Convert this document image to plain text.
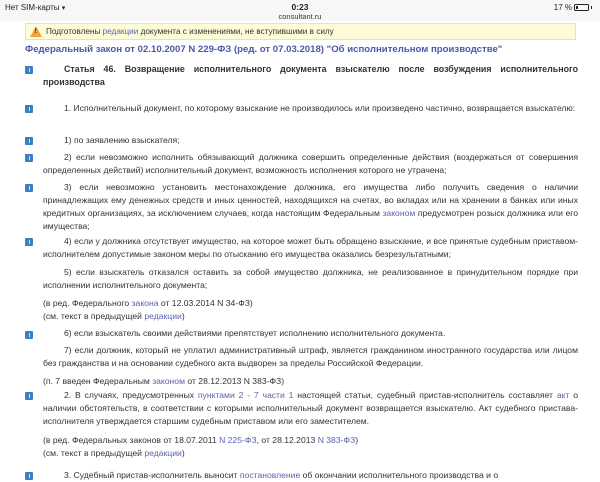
Нет SIM-карты ▾	0:23
consultant.ru
17 %
! Подготовлены редакции документа с изменениями, не вступившими в силу
Федеральный закон от 02.10.2007 N 229-ФЗ (ред. от 07.03.2018) "Об исполнительном производстве"
Статья 46. Возвращение исполнительного документа взыскателю после возбуждения исполнительного производства
1. Исполнительный документ, по которому взыскание не производилось или произведено частично, возвращается взыскателю:
1) по заявлению взыскателя;
2) если невозможно исполнить обязывающий должника совершить определенные действия (воздержаться от совершения определенных действий) исполнительный документ, возможность исполнения которого не утрачена;
3) если невозможно установить местонахождение должника, его имущества либо получить сведения о наличии принадлежащих ему денежных средств и иных ценностей, находящихся на счетах, во вкладах или на хранении в банках или иных кредитных организациях, за исключением случаев, когда настоящим Федеральным законом предусмотрен розыск должника или его имущества;
4) если у должника отсутствует имущество, на которое может быть обращено взыскание, и все принятые судебным приставом-исполнителем допустимые законом меры по отысканию его имущества оказались безрезультатными;
5) если взыскатель отказался оставить за собой имущество должника, не реализованное в принудительном порядке при исполнении исполнительного документа;
(в ред. Федерального закона от 12.03.2014 N 34-ФЗ)
(см. текст в предыдущей редакции)
6) если взыскатель своими действиями препятствует исполнению исполнительного документа.
7) если должник, который не уплатил административный штраф, является гражданином иностранного государства или лицом без гражданства и на основании судебного акта выдворен за пределы Российской Федерации.
(п. 7 введен Федеральным законом от 28.12.2013 N 383-ФЗ)
2. В случаях, предусмотренных пунктами 2 - 7 части 1 настоящей статьи, судебный пристав-исполнитель составляет акт о наличии обстоятельств, в соответствии с которыми исполнительный документ возвращается взыскателю. Акт судебного пристава-исполнителя утверждается старшим судебным приставом или его заместителем.
(в ред. Федеральных законов от 18.07.2011 N 225-ФЗ, от 28.12.2013 N 383-ФЗ)
(см. текст в предыдущей редакции)
3. Судебный пристав-исполнитель выносит постановление об окончании исполнительного производства и о
